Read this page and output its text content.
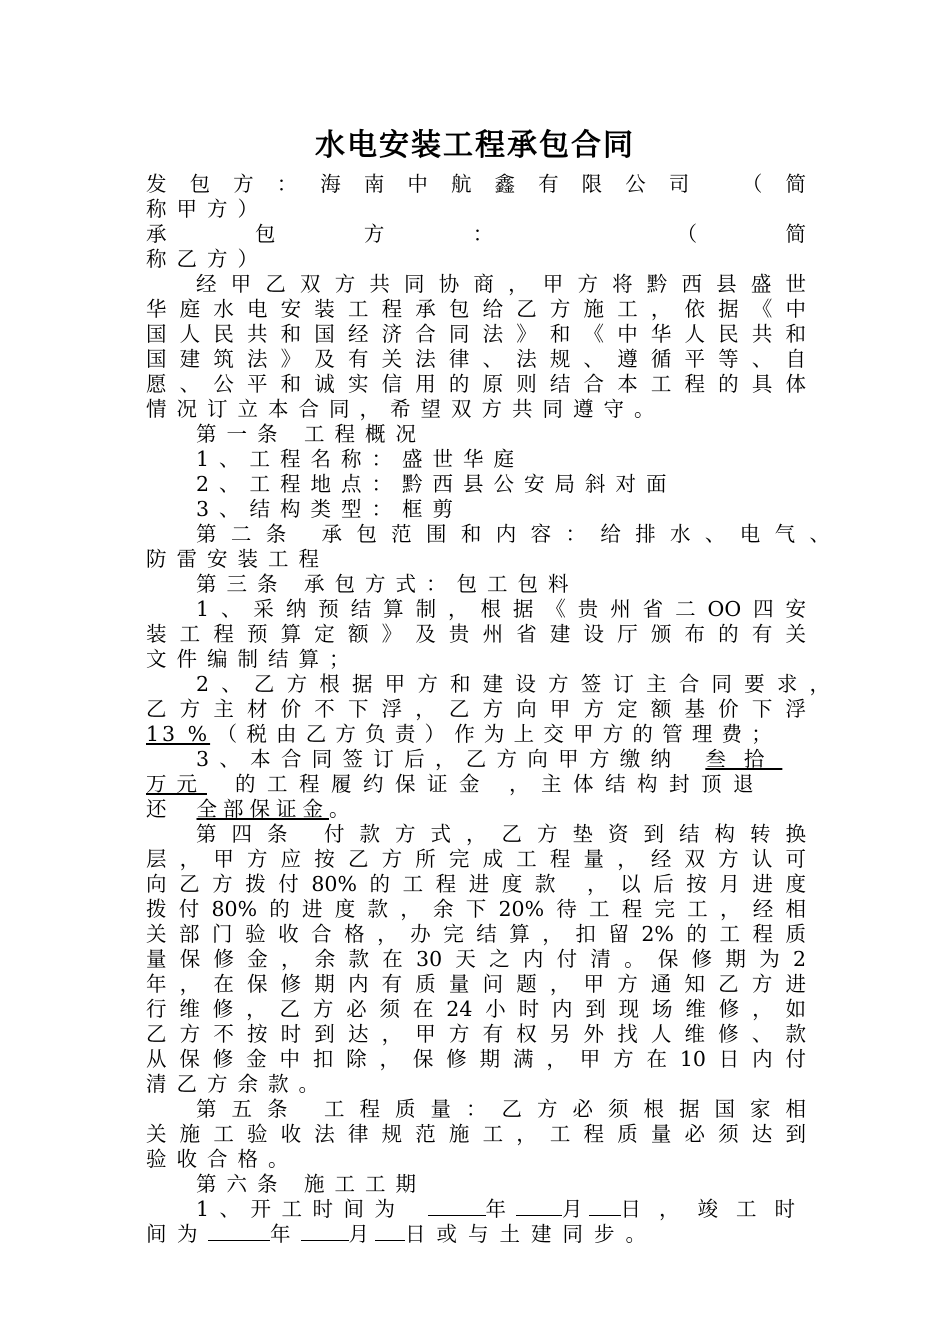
水电安装工程承包合同
发包方：海南中航鑫有限公司 （简
称甲方）
承包方： （简
称乙方）
经甲乙双方共同协商，甲方将黔西县盛世
华庭水电安装工程承包给乙方施工，依据《中
国人民共和国经济合同法》和《中华人民共和
国建筑法》及有关法律、法规、遵循平等、自
愿、公平和诚实信用的原则结合本工程的具体
情况订立本合同，希望双方共同遵守。
第一条 工程概况
1、工程名称：盛世华庭
2、工程地点：黔西县公安局斜对面
3、结构类型：框剪
第二条 承包范围和内容：给排水、电气、
防雷安装工程
第三条 承包方式：包工包料
1、采纳预结算制，根据《贵州省二OO四安
装工程预算定额》及贵州省建设厅颁布的有关
文件编制结算；
2、乙方根据甲方和建设方签订主合同要求，
乙方主材价不下浮，乙方向甲方定额基价下浮
13 % （税由乙方负责）作为上交甲方的管理费；
3、本合同签订后，乙方向甲方缴纳 叁拾
万元 的工程履约保证金 ，主体结构封顶退
还 全部保证金。
第四条 付款方式，乙方垫资到结构转换
层，甲方应按乙方所完成工程量，经双方认可
向乙方拨付80%的工程进度款 ，以后按月进度
拨付80%的进度款，余下20%待工程完工，经相
关部门验收合格，办完结算，扣留2%的工程质
量保修金，余款在30天之内付清。保修期为2
年，在保修期内有质量问题，甲方通知乙方进
行维修，乙方必须在24小时内到现场维修，如
乙方不按时到达，甲方有权另外找人维修、款
从保修金中扣除，保修期满，甲方在10日内付
清乙方余款。
第五条 工程质量：乙方必须根据国家相
关施工验收法律规范施工，工程质量必须达到
验收合格。
第六条 施工工期
1、开工时间为	年	月 日，竣工时
间为	年	月 日或与土建同步。
